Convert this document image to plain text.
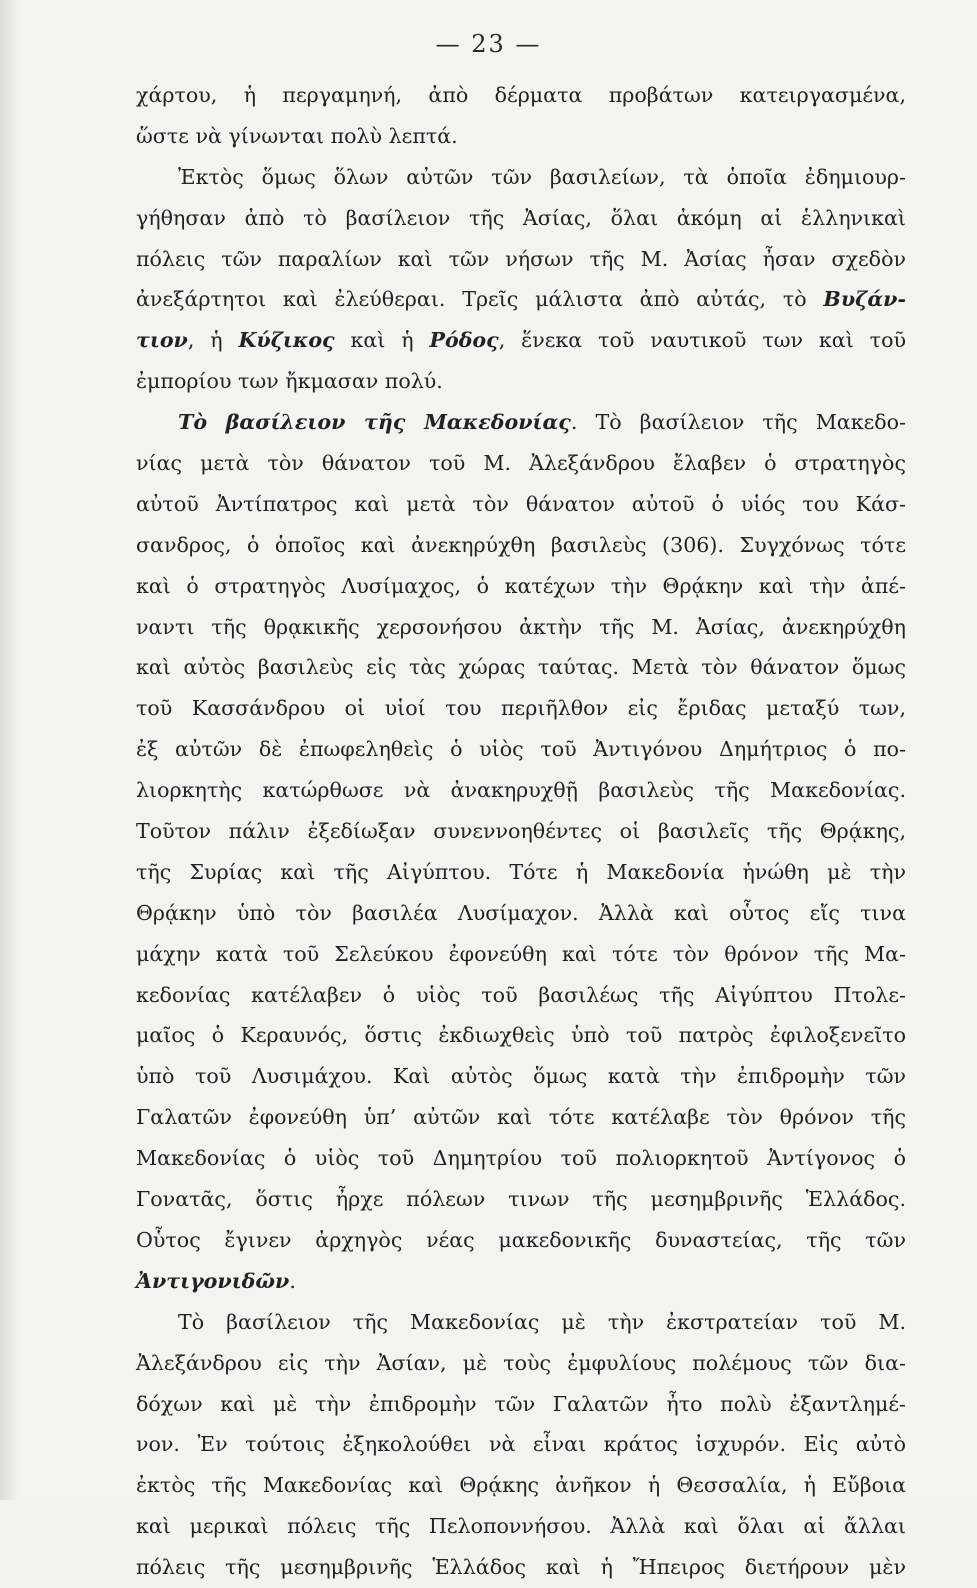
— 23 —
χάρτου, ἡ περγαμηνή, ἀπὸ δέρματα προβάτων κατειργασμένα,
ὥστε νὰ γίνωνται πολὺ λεπτά.
Ἐκτὸς ὅμως ὅλων αὐτῶν τῶν βασιλείων, τὰ ὁποῖα ἐδημιουρ-
γήθησαν ἀπὸ τὸ βασίλειον τῆς Ἀσίας, ὅλαι ἀκόμη αἱ ἑλληνικαὶ
πόλεις τῶν παραλίων καὶ τῶν νήσων τῆς Μ. Ἀσίας ἦσαν σχεδὸν
ἀνεξάρτητοι καὶ ἐλεύθεραι. Τρεῖς μάλιστα ἀπὸ αὐτάς, τὸ Βυζάν-
τιον, ἡ Κύζικος καὶ ἡ Ρόδος, ἕνεκα τοῦ ναυτικοῦ των καὶ τοῦ
ἐμπορίου των ἤκμασαν πολύ.
Τὸ βασίλειον τῆς Μακεδονίας. Τὸ βασίλειον τῆς Μακεδο-
νίας μετὰ τὸν θάνατον τοῦ Μ. Ἀλεξάνδρου ἔλαβεν ὁ στρατηγὸς
αὐτοῦ Ἀντίπατρος καὶ μετὰ τὸν θάνατον αὐτοῦ ὁ υἱός του Κάσ-
σανδρος, ὁ ὁποῖος καὶ ἀνεκηρύχθη βασιλεὺς (306). Συγχόνως τότε
καὶ ὁ στρατηγὸς Λυσίμαχος, ὁ κατέχων τὴν Θρᾴκην καὶ τὴν ἀπέ-
ναντι τῆς θρᾳκικῆς χερσονήσου ἀκτὴν τῆς Μ. Ἀσίας, ἀνεκηρύχθη
καὶ αὐτὸς βασιλεὺς εἰς τὰς χώρας ταύτας. Μετὰ τὸν θάνατον ὅμως
τοῦ Κασσάνδρου οἱ υἱοί του περιῆλθον εἰς ἔριδας μεταξύ των,
ἐξ αὐτῶν δὲ ἐπωφεληθεὶς ὁ υἱὸς τοῦ Ἀντιγόνου Δημήτριος ὁ πο-
λιορκητὴς κατώρθωσε νὰ ἀνακηρυχθῇ βασιλεὺς τῆς Μακεδονίας.
Τοῦτον πάλιν ἐξεδίωξαν συνεννοηθέντες οἱ βασιλεῖς τῆς Θρᾴκης,
τῆς Συρίας καὶ τῆς Αἰγύπτου. Τότε ἡ Μακεδονία ἡνώθη μὲ τὴν
Θρᾴκην ὑπὸ τὸν βασιλέα Λυσίμαχον. Ἀλλὰ καὶ οὗτος εἴς τινα
μάχην κατὰ τοῦ Σελεύκου ἐφονεύθη καὶ τότε τὸν θρόνον τῆς Μα-
κεδονίας κατέλαβεν ὁ υἱὸς τοῦ βασιλέως τῆς Αἰγύπτου Πτολε-
μαῖος ὁ Κεραυνός, ὅστις ἐκδιωχθεὶς ὑπὸ τοῦ πατρὸς ἐφιλοξενεῖτο
ὑπὸ τοῦ Λυσιμάχου. Καὶ αὐτὸς ὅμως κατὰ τὴν ἐπιδρομὴν τῶν
Γαλατῶν ἐφονεύθη ὑπ’ αὐτῶν καὶ τότε κατέλαβε τὸν θρόνον τῆς
Μακεδονίας ὁ υἱὸς τοῦ Δημητρίου τοῦ πολιορκητοῦ Ἀντίγονος ὁ
Γονατᾶς, ὅστις ἦρχε πόλεων τινων τῆς μεσημβρινῆς Ἑλλάδος.
Οὗτος ἔγινεν ἀρχηγὸς νέας μακεδονικῆς δυναστείας, τῆς τῶν
Ἀντιγονιδῶν.
Τὸ βασίλειον τῆς Μακεδονίας μὲ τὴν ἐκστρατείαν τοῦ Μ.
Ἀλεξάνδρου εἰς τὴν Ἀσίαν, μὲ τοὺς ἐμφυλίους πολέμους τῶν δια-
δόχων καὶ μὲ τὴν ἐπιδρομὴν τῶν Γαλατῶν ἦτο πολὺ ἐξαντλημέ-
νον. Ἐν τούτοις ἐξηκολούθει νὰ εἶναι κράτος ἰσχυρόν. Εἰς αὐτὸ
ἐκτὸς τῆς Μακεδονίας καὶ Θρᾴκης ἀνῆκον ἡ Θεσσαλία, ἡ Εὔβοια
καὶ μερικαὶ πόλεις τῆς Πελοποννήσου. Ἀλλὰ καὶ ὅλαι αἱ ἄλλαι
πόλεις τῆς μεσημβρινῆς Ἑλλάδος καὶ ἡ Ἤπειρος διετήρουν μὲν
